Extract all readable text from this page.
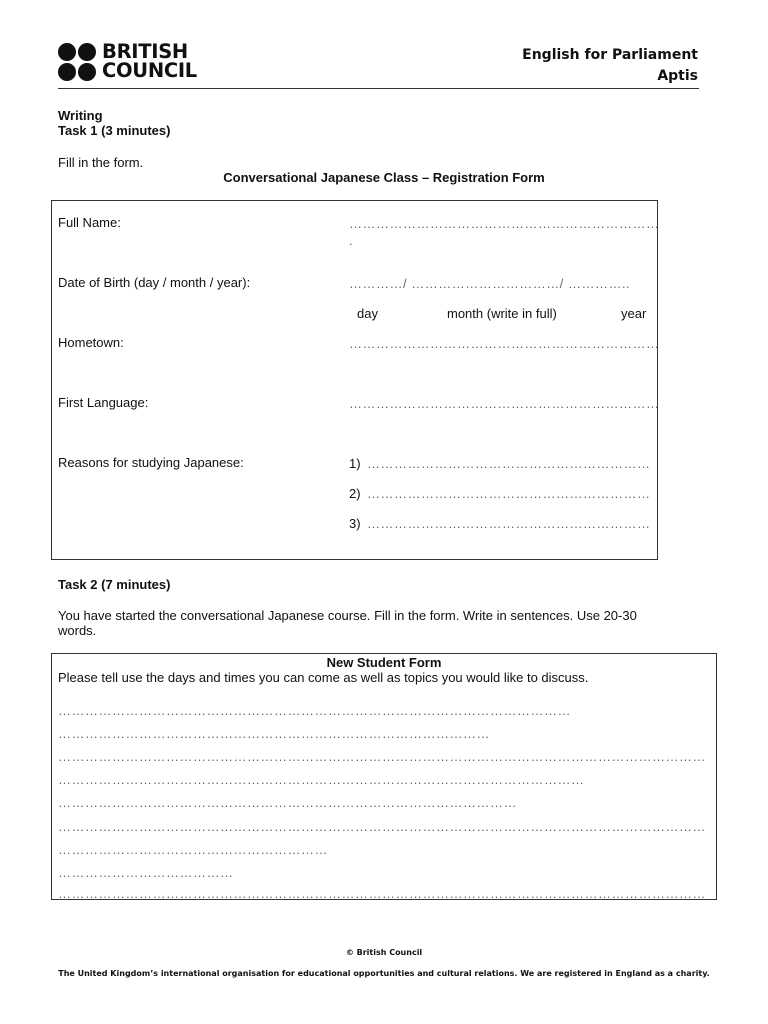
BRITISH
COUNCIL
English for Parliament
Aptis
Writing
Task 1 (3 minutes)
Fill in the form.
Conversational Japanese Class – Registration Form
Full Name:	……………………………………………………………
.
Date of Birth (day / month / year):	…………/ ……………………………/ …………..
day	month (write in full)	year
Hometown:	……………………………………………………………
First Language:	……………………………………………………………
Reasons for studying Japanese:	1) ………………………………………………………
2) ………………………………………………………
3) ………………………………………………………
Task 2 (7 minutes)
You have started the conversational Japanese course. Fill in the form. Write in sentences. Use 20-30
words.
New Student Form
Please tell use the days and times you can come as well as topics you would like to discuss.
……………………………………………………………………………………………………
……………………………………………………………………………………
………………………………………………………………………………………………………………………………
………………………………………………………………………………………………………
…………………………………………………………………………………………
………………………………………………………………………………………………………………………………
……………………………………………………
…………………………………
………………………………………………………………………………………………………………………………
© British Council
The United Kingdom’s international organisation for educational opportunities and cultural relations. We are registered in England as a charity.
